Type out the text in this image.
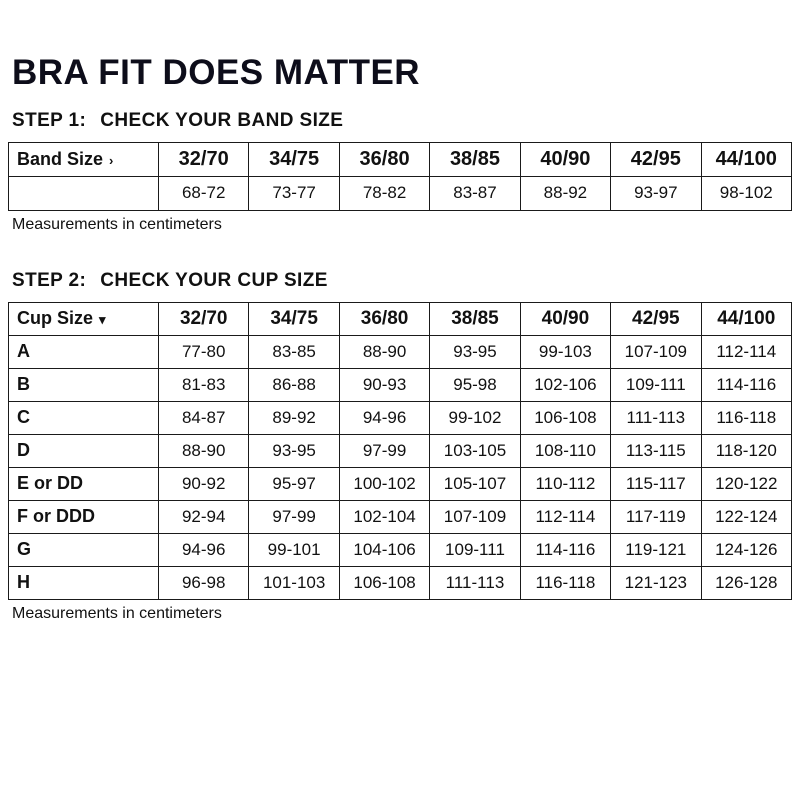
BRA FIT DOES MATTER
STEP 1: CHECK YOUR BAND SIZE
Band Size ›	32/70	34/75	36/80	38/85	40/90	42/95	44/100
	68-72	73-77	78-82	83-87	88-92	93-97	98-102
Measurements in centimeters
STEP 2: CHECK YOUR CUP SIZE
Cup Size ▾	32/70	34/75	36/80	38/85	40/90	42/95	44/100
A	77-80	83-85	88-90	93-95	99-103	107-109	112-114
B	81-83	86-88	90-93	95-98	102-106	109-111	114-116
C	84-87	89-92	94-96	99-102	106-108	111-113	116-118
D	88-90	93-95	97-99	103-105	108-110	113-115	118-120
E or DD	90-92	95-97	100-102	105-107	110-112	115-117	120-122
F or DDD	92-94	97-99	102-104	107-109	112-114	117-119	122-124
G	94-96	99-101	104-106	109-111	114-116	119-121	124-126
H	96-98	101-103	106-108	111-113	116-118	121-123	126-128
Measurements in centimeters
